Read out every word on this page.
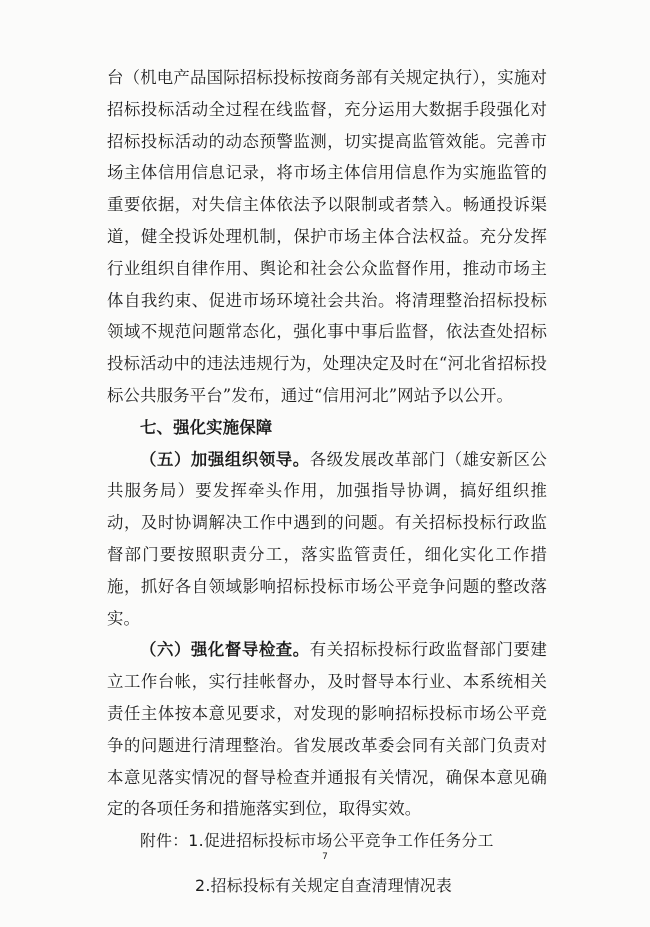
台（机电产品国际招标投标按商务部有关规定执行），实施对招标投标活动全过程在线监督，充分运用大数据手段强化对招标投标活动的动态预警监测，切实提高监管效能。完善市场主体信用信息记录，将市场主体信用信息作为实施监管的重要依据，对失信主体依法予以限制或者禁入。畅通投诉渠道，健全投诉处理机制，保护市场主体合法权益。充分发挥行业组织自律作用、舆论和社会公众监督作用，推动市场主体自我约束、促进市场环境社会共治。将清理整治招标投标领域不规范问题常态化，强化事中事后监督，依法查处招标投标活动中的违法违规行为，处理决定及时在“河北省招标投标公共服务平台”发布，通过“信用河北”网站予以公开。

七、强化实施保障

（五）加强组织领导。各级发展改革部门（雄安新区公共服务局）要发挥牵头作用，加强指导协调，搞好组织推动，及时协调解决工作中遇到的问题。有关招标投标行政监督部门要按照职责分工，落实监管责任，细化实化工作措施，抓好各自领域影响招标投标市场公平竞争问题的整改落实。

（六）强化督导检查。有关招标投标行政监督部门要建立工作台帐，实行挂帐督办，及时督导本行业、本系统相关责任主体按本意见要求，对发现的影响招标投标市场公平竞争的问题进行清理整治。省发展改革委会同有关部门负责对本意见落实情况的督导检查并通报有关情况，确保本意见确定的各项任务和措施落实到位，取得实效。

附件：1.促进招标投标市场公平竞争工作任务分工

2.招标投标有关规定自查清理情况表

7
